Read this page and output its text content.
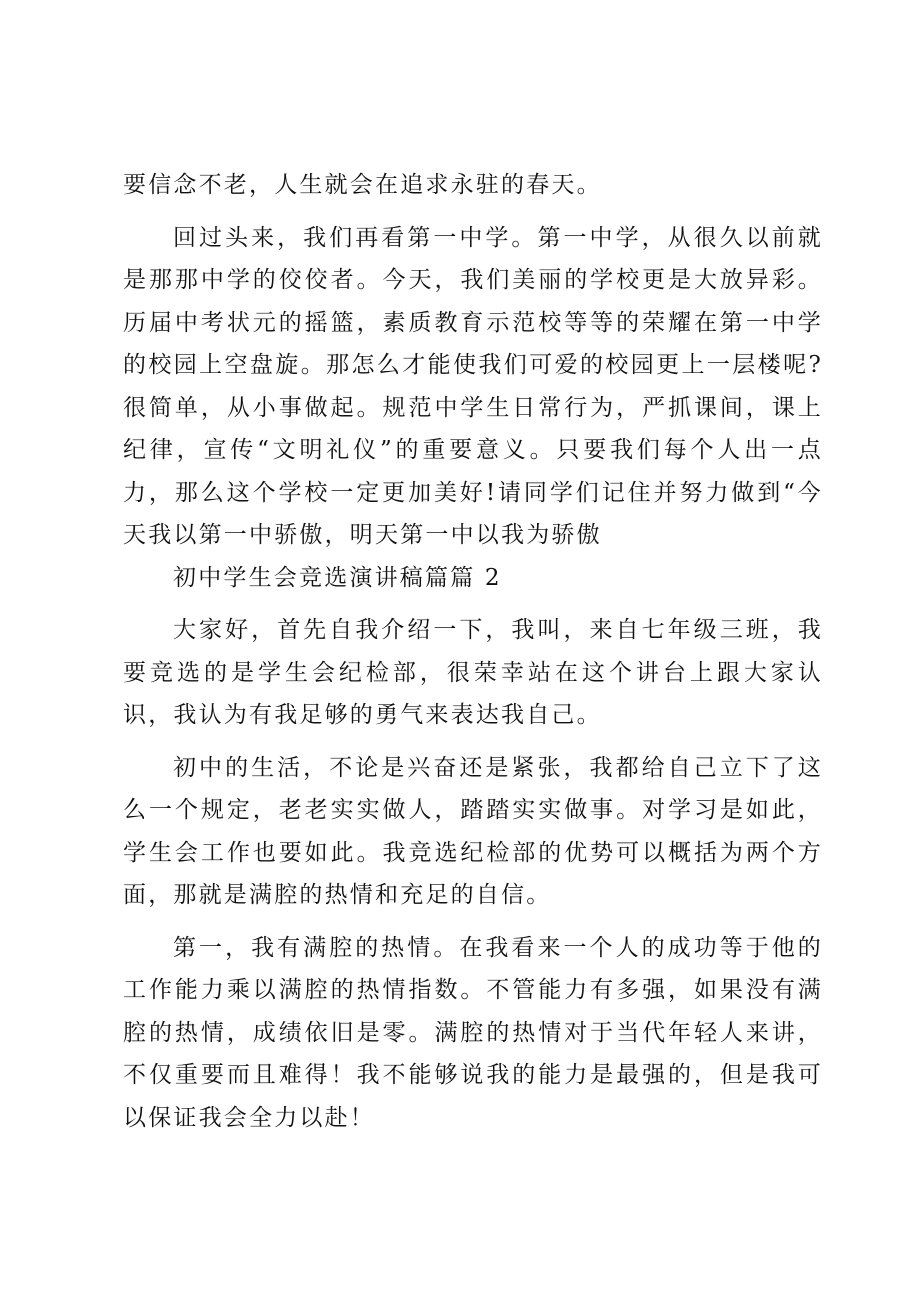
要信念不老，人生就会在追求永驻的春天。

回过头来，我们再看第一中学。第一中学，从很久以前就是那那中学的佼佼者。今天，我们美丽的学校更是大放异彩。历届中考状元的摇篮，素质教育示范校等等的荣耀在第一中学的校园上空盘旋。那怎么才能使我们可爱的校园更上一层楼呢?很简单，从小事做起。规范中学生日常行为，严抓课间，课上纪律，宣传“文明礼仪”的重要意义。只要我们每个人出一点力，那么这个学校一定更加美好!请同学们记住并努力做到“今天我以第一中骄傲，明天第一中以我为骄傲

初中学生会竞选演讲稿篇篇 2

大家好，首先自我介绍一下，我叫，来自七年级三班，我要竞选的是学生会纪检部，很荣幸站在这个讲台上跟大家认识，我认为有我足够的勇气来表达我自己。

初中的生活，不论是兴奋还是紧张，我都给自己立下了这么一个规定，老老实实做人，踏踏实实做事。对学习是如此，学生会工作也要如此。我竞选纪检部的优势可以概括为两个方面，那就是满腔的热情和充足的自信。

第一，我有满腔的热情。在我看来一个人的成功等于他的工作能力乘以满腔的热情指数。不管能力有多强，如果没有满腔的热情，成绩依旧是零。满腔的热情对于当代年轻人来讲，不仅重要而且难得！我不能够说我的能力是最强的，但是我可以保证我会全力以赴！
